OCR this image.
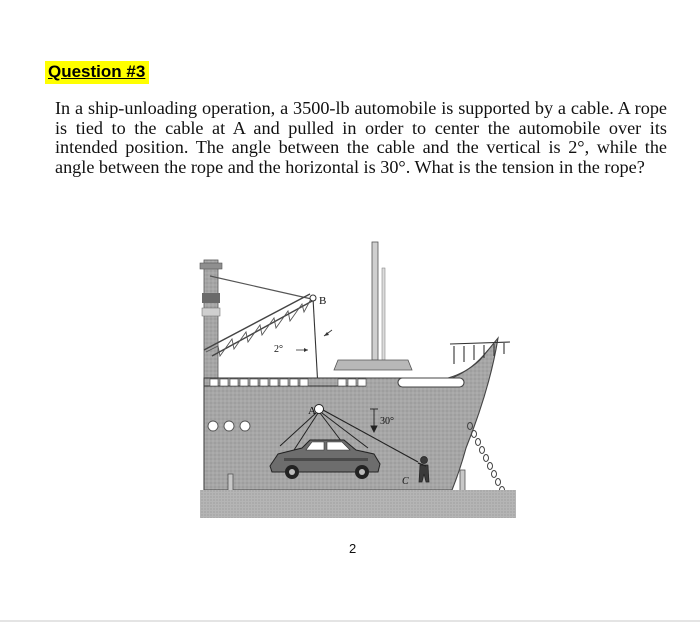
Question #3

In a ship-unloading operation, a 3500-lb automobile is supported by a cable. A rope is tied to the cable at A and pulled in order to center the automobile over its intended position. The angle between the cable and the vertical is 2°, while the angle between the rope and the horizontal is 30°. What is the tension in the rope?

B
2°
A
30°
C
2
